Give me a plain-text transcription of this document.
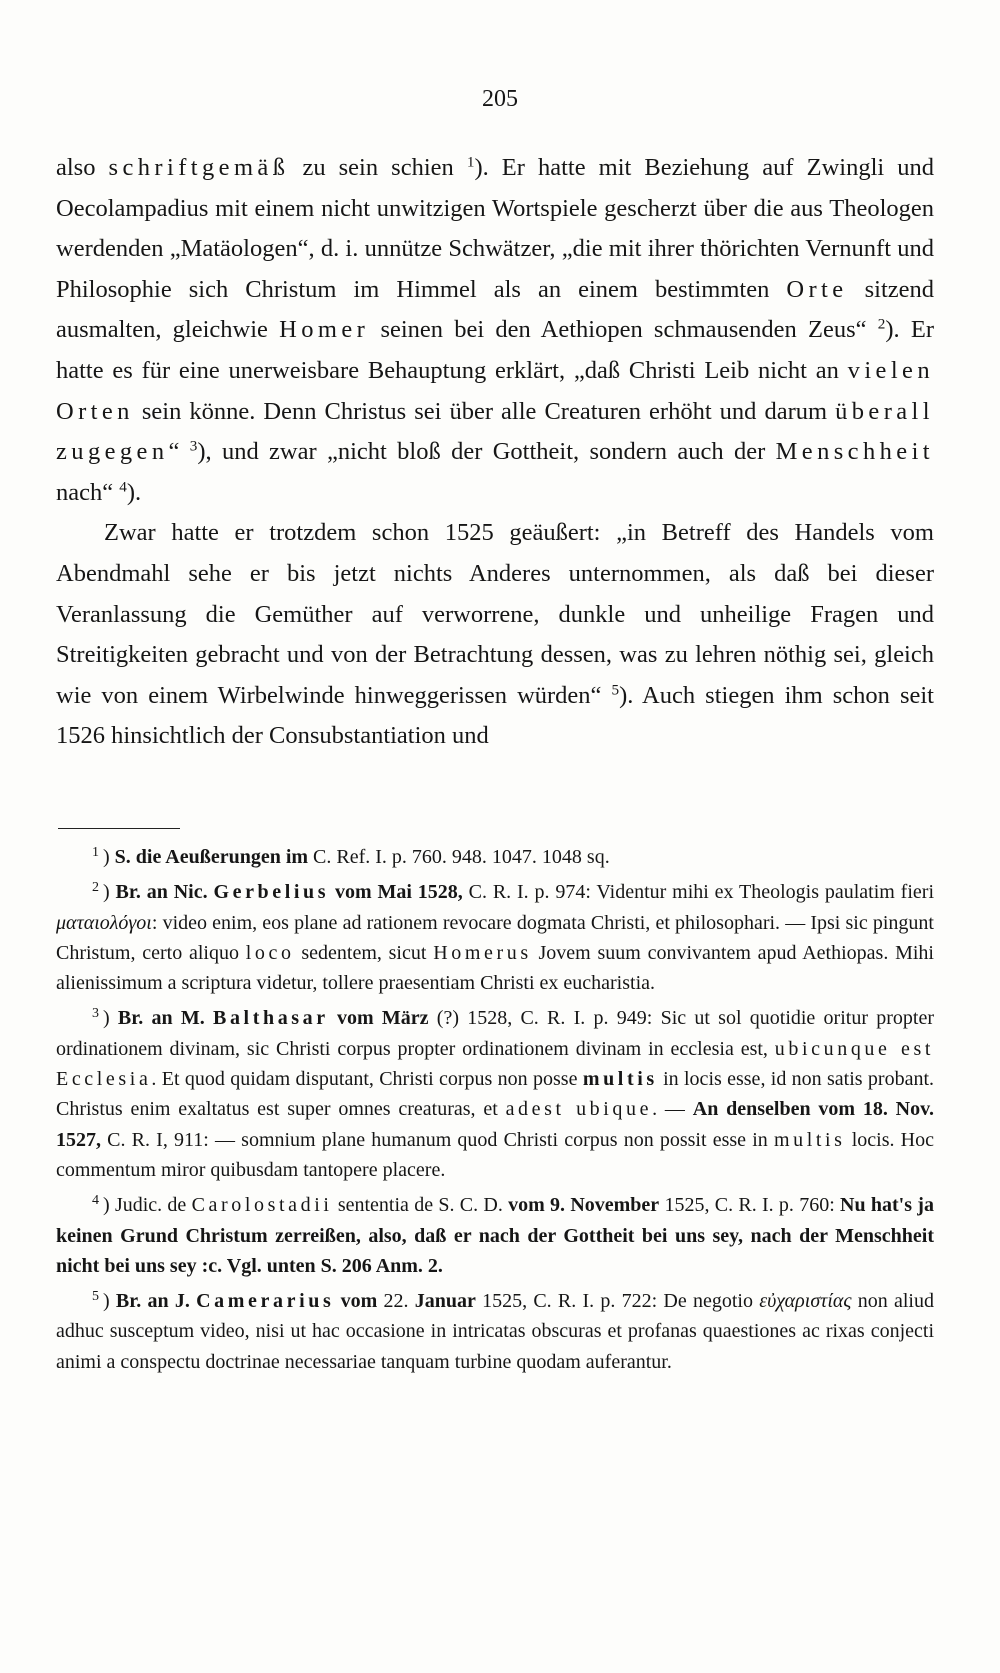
205

also schriftgemäß zu sein schien $^1$). Er hatte mit Beziehung auf Zwingli und Oecolampadius mit einem nicht unwitzigen Wortspiele gescherzt über die aus Theologen werdenden „Matäologen“, d. i. unnütze Schwätzer, „die mit ihrer thörichten Vernunft und Philosophie sich Christum im Himmel als an einem bestimmten Orte sitzend ausmalten, gleichwie Homer seinen bei den Aethiopen schmausenden Zeus“ $^2$). Er hatte es für eine unerweisbare Behauptung erklärt, „daß Christi Leib nicht an vielen Orten sein könne. Denn Christus sei über alle Creaturen erhöht und darum überall zugegen“ $^3$), und zwar „nicht bloß der Gottheit, sondern auch der Menschheit nach“ $^4$).

Zwar hatte er trotzdem schon 1525 geäußert: „in Betreff des Handels vom Abendmahl sehe er bis jetzt nichts Anderes unternommen, als daß bei dieser Veranlassung die Gemüther auf verworrene, dunkle und unheilige Fragen und Streitigkeiten gebracht und von der Betrachtung dessen, was zu lehren nöthig sei, gleich wie von einem Wirbelwinde hinweggerissen würden“ $^5$). Auch stiegen ihm schon seit 1526 hinsichtlich der Consubstantiation und

$^1$ ) S. die Aeußerungen im C. Ref. I. p. 760. 948. 1047. 1048 sq.

$^2$ ) Br. an Nic. Gerbelius vom Mai 1528, C. R. I. p. 974: Videntur mihi ex Theologis paulatim fieri ματαιολόγοι: video enim, eos plane ad rationem revocare dogmata Christi, et philosophari. — Ipsi sic pingunt Christum, certo aliquo loco sedentem, sicut Homerus Jovem suum convivantem apud Aethiopas. Mihi alienissimum a scriptura videtur, tollere praesentiam Christi ex eucharistia.

$^3$ ) Br. an M. Balthasar vom März (?) 1528, C. R. I. p. 949: Sic ut sol quotidie oritur propter ordinationem divinam, sic Christi corpus propter ordinationem divinam in ecclesia est, ubicunque est Ecclesia. Et quod quidam disputant, Christi corpus non posse multis in locis esse, id non satis probant. Christus enim exaltatus est super omnes creaturas, et adest ubique. — An denselben vom 18. Nov. 1527, C. R. I, 911: — somnium plane humanum quod Christi corpus non possit esse in multis locis. Hoc commentum miror quibusdam tantopere placere.

$^4$ ) Judic. de Carolostadii sententia de S. C. D. vom 9. November 1525, C. R. I. p. 760: Nu hat's ja keinen Grund Christum zerreißen, also, daß er nach der Gottheit bei uns sey, nach der Menschheit nicht bei uns sey :c. Vgl. unten S. 206 Anm. 2.

$^5$ ) Br. an J. Camerarius vom 22. Januar 1525, C. R. I. p. 722: De negotio εὐχαριστίας non aliud adhuc susceptum video, nisi ut hac occasione in intricatas obscuras et profanas quaestiones ac rixas conjecti animi a conspectu doctrinae necessariae tanquam turbine quodam auferantur.
